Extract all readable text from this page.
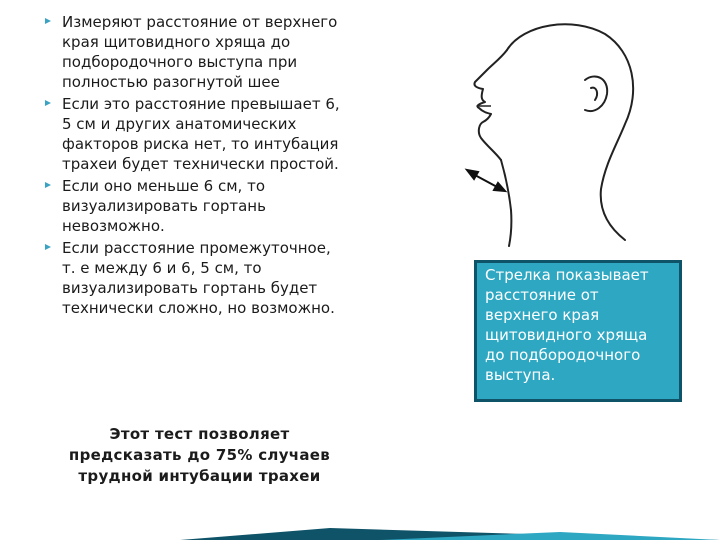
Измеряют расстояние от верхнего края щитовидного хряща до подбородочного выступа при полностью разогнутой шее
Если это расстояние превышает 6, 5 см и других анатомических факторов риска нет, то интубация трахеи будет технически простой.
Если оно меньше 6 см, то визуализировать гортань невозможно.
Если расстояние промежуточное, т. е между 6 и 6, 5 см, то визуализировать гортань будет технически сложно, но возможно.
Этот тест позволяет предсказать до 75% случаев трудной интубации трахеи
Стрелка показывает расстояние от верхнего края щитовидного хряща до подбородочного выступа.
